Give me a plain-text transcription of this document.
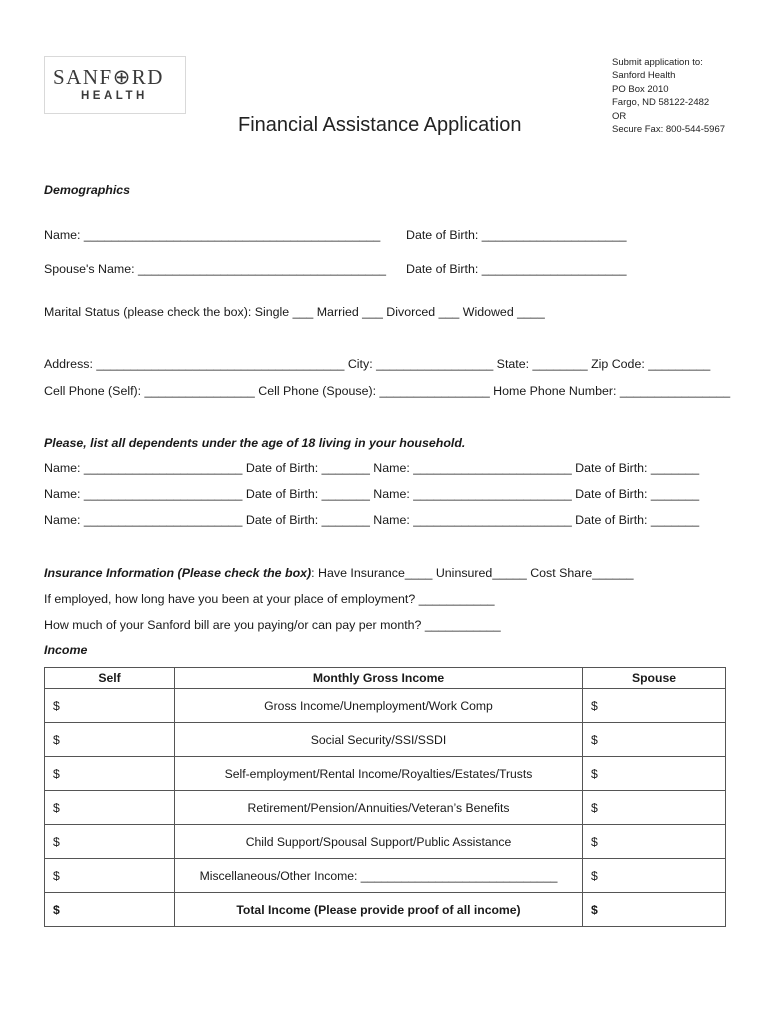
SANF⊕RD
HEALTH
Financial Assistance Application
Submit application to:
Sanford Health
PO Box 2010
Fargo, ND 58122-2482
OR
Secure Fax: 800-544-5967
Demographics
Name: ___________________________________________ Date of Birth: _____________________
Spouse's Name: ____________________________________ Date of Birth: _____________________
Marital Status (please check the box): Single ___ Married ___ Divorced ___ Widowed ____
Address: ____________________________________ City: _________________ State: ________ Zip Code: _________
Cell Phone (Self): ________________ Cell Phone (Spouse): ________________ Home Phone Number: ________________
Please, list all dependents under the age of 18 living in your household.
Name: _______________________ Date of Birth: _______ Name: _______________________ Date of Birth: _______
Name: _______________________ Date of Birth: _______ Name: _______________________ Date of Birth: _______
Name: _______________________ Date of Birth: _______ Name: _______________________ Date of Birth: _______
Insurance Information (Please check the box): Have Insurance____ Uninsured_____ Cost Share______
If employed, how long have you been at your place of employment? ___________
How much of your Sanford bill are you paying/or can pay per month? ___________
Income
Self	Monthly Gross Income	Spouse
$	Gross Income/Unemployment/Work Comp	$
$	Social Security/SSI/SSDI	$
$	Self-employment/Rental Income/Royalties/Estates/Trusts	$
$	Retirement/Pension/Annuities/Veteran’s Benefits	$
$	Child Support/Spousal Support/Public Assistance	$
$	Miscellaneous/Other Income: _____________________________	$
$	Total Income (Please provide proof of all income)	$
